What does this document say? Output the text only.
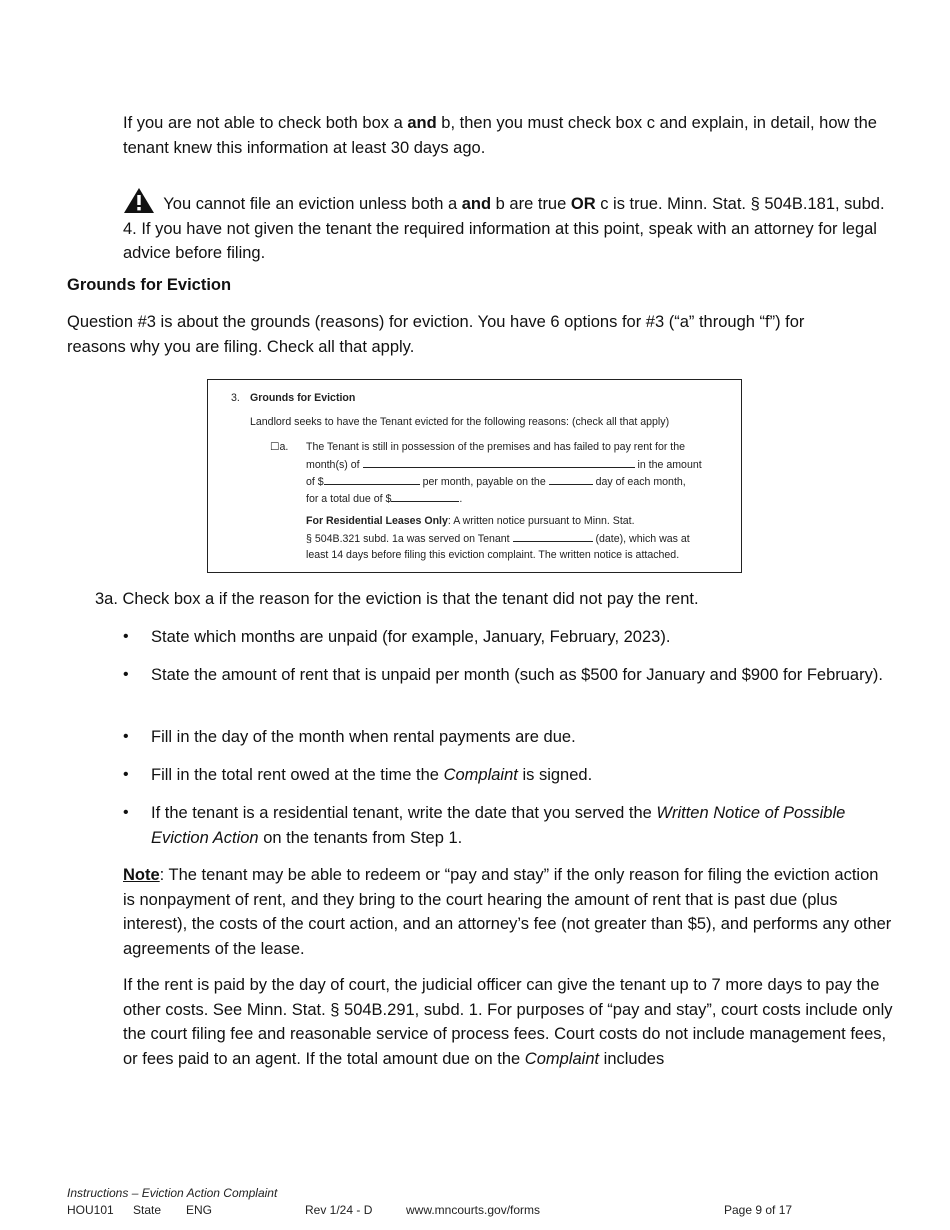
If you are not able to check both box a and b, then you must check box c and explain, in detail, how the tenant knew this information at least 30 days ago.

You cannot file an eviction unless both a and b are true OR c is true. Minn. Stat. § 504B.181, subd. 4. If you have not given the tenant the required information at this point, speak with an attorney for legal advice before filing.

Grounds for Eviction

Question #3 is about the grounds (reasons) for eviction. You have 6 options for #3 (“a” through “f”) for reasons why you are filing. Check all that apply.

3. Grounds for Eviction
Landlord seeks to have the Tenant evicted for the following reasons: (check all that apply)
☐a. The Tenant is still in possession of the premises and has failed to pay rent for the
month(s) of	in the amount
of $	per month, payable on the	day of each month,
for a total due of $	.
For Residential Leases Only: A written notice pursuant to Minn. Stat.
§ 504B.321 subd. 1a was served on Tenant	(date), which was at
least 14 days before filing this eviction complaint. The written notice is attached.

3a. Check box a if the reason for the eviction is that the tenant did not pay the rent.

• State which months are unpaid (for example, January, February, 2023).

• State the amount of rent that is unpaid per month (such as $500 for January and $900 for February).

• Fill in the day of the month when rental payments are due.

• Fill in the total rent owed at the time the Complaint is signed.

• If the tenant is a residential tenant, write the date that you served the Written Notice of Possible Eviction Action on the tenants from Step 1.

Note: The tenant may be able to redeem or “pay and stay” if the only reason for filing the eviction action is nonpayment of rent, and they bring to the court hearing the amount of rent that is past due (plus interest), the costs of the court action, and an attorney’s fee (not greater than $5), and performs any other agreements of the lease.

If the rent is paid by the day of court, the judicial officer can give the tenant up to 7 more days to pay the other costs. See Minn. Stat. § 504B.291, subd. 1. For purposes of “pay and stay”, court costs include only the court filing fee and reasonable service of process fees. Court costs do not include management fees, or fees paid to an agent. If the total amount due on the Complaint includes

Instructions – Eviction Action Complaint
HOU101 State ENG	Rev 1/24 - D	www.mncourts.gov/forms	Page 9 of 17
